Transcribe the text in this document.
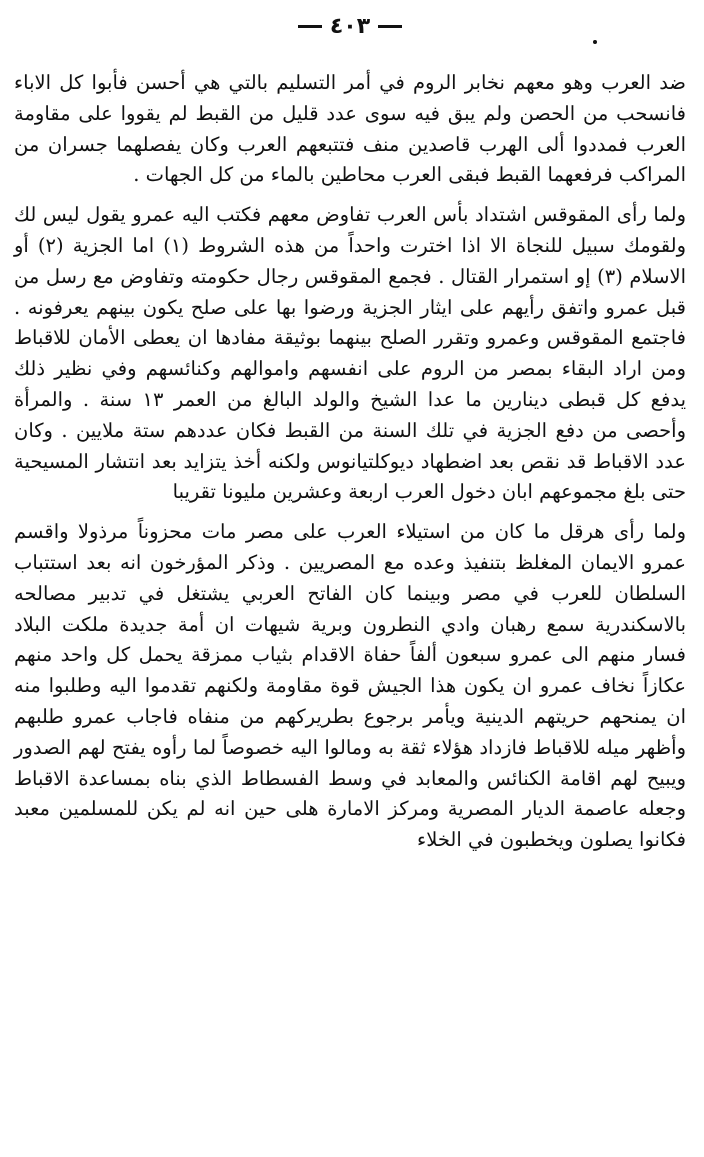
٤٠٣

ضد العرب وهو معهم نخابر الروم في أمر التسليم بالتي هي أحسن فأبوا كل الاباء فانسحب من الحصن ولم يبق فيه سوى عدد قليل من القبط لم يقووا على مقاومة العرب فمددوا ألى الهرب قاصدين منف فتتبعهم العرب وكان يفصلهما جسران من المراكب فرفعهما القبط فبقى العرب محاطين بالماء من كل الجهات .

ولما رأى المقوقس اشتداد بأس العرب تفاوض معهم فكتب اليه عمرو يقول ليس لك ولقومك سبيل للنجاة الا اذا اخترت واحداً من هذه الشروط (١) اما الجزية (٢) أو الاسلام (٣) إو استمرار القتال . فجمع المقوقس رجال حكومته وتفاوض مع رسل من قبل عمرو واتفق رأيهم على ايثار الجزية ورضوا بها على صلح يكون بينهم يعرفونه . فاجتمع المقوقس وعمرو وتقرر الصلح بينهما بوثيقة مفادها ان يعطى الأمان للاقباط ومن اراد البقاء بمصر من الروم على انفسهم واموالهم وكنائسهم وفي نظير ذلك يدفع كل قبطى دينارين ما عدا الشيخ والولد البالغ من العمر ١٣ سنة . والمرأة وأحصى من دفع الجزية في تلك السنة من القبط فكان عددهم ستة ملايين . وكان عدد الاقباط قد نقص بعد اضطهاد ديوكلتيانوس ولكنه أخذ يتزايد بعد انتشار المسيحية حتى بلغ مجموعهم ابان دخول العرب اربعة وعشرين مليونا تقريبا

ولما رأى هرقل ما كان من استيلاء العرب على مصر مات محزوناً مرذولا واقسم عمرو الايمان المغلظ بتنفيذ وعده مع المصريين . وذكر المؤرخون انه بعد استتباب السلطان للعرب في مصر وبينما كان الفاتح العربي يشتغل في تدبير مصالحه بالاسكندرية سمع رهبان وادي النطرون وبرية شيهات ان أمة جديدة ملكت البلاد فسار منهم الى عمرو سبعون ألفاً حفاة الاقدام بثياب ممزقة يحمل كل واحد منهم عكازاً نخاف عمرو ان يكون هذا الجيش قوة مقاومة ولكنهم تقدموا اليه وطلبوا منه ان يمنحهم حريتهم الدينية ويأمر برجوع بطريركهم من منفاه فاجاب عمرو طلبهم وأظهر ميله للاقباط فازداد هؤلاء ثقة به ومالوا اليه خصوصاً لما رأوه يفتح لهم الصدور ويبيح لهم اقامة الكنائس والمعابد في وسط الفسطاط الذي بناه بمساعدة الاقباط وجعله عاصمة الديار المصرية ومركز الامارة هلى حين انه لم يكن للمسلمين معبد فكانوا يصلون ويخطبون في الخلاء
